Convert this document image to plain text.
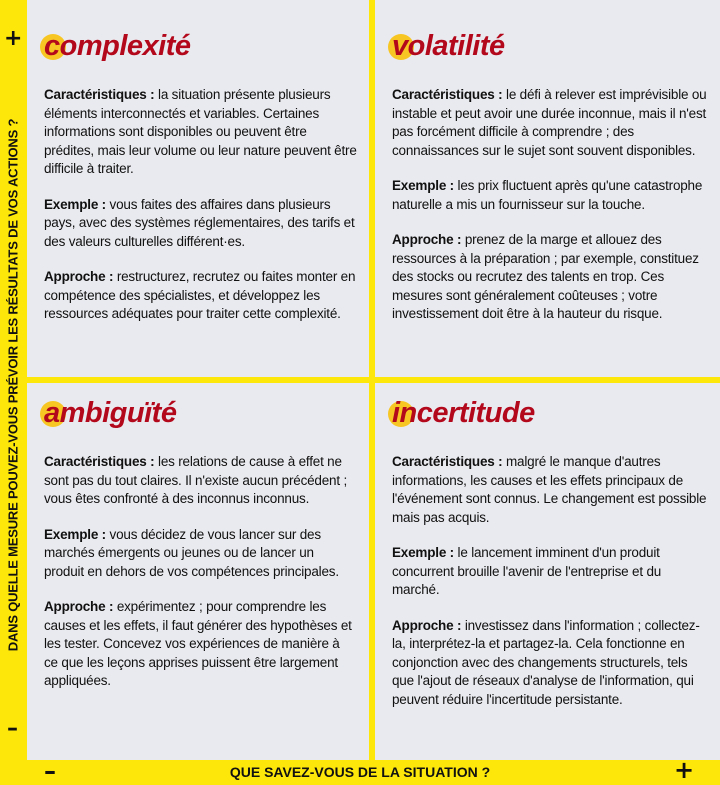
+
DANS QUELLE MESURE POUVEZ-VOUS PRÉVOIR LES RÉSULTATS DE VOS ACTIONS ?
–
complexité

Caractéristiques : la situation présente plusieurs éléments interconnectés et variables. Certaines informations sont disponibles ou peuvent être prédites, mais leur volume ou leur nature peuvent être difficile à traiter.

Exemple : vous faites des affaires dans plusieurs pays, avec des systèmes réglementaires, des tarifs et des valeurs culturelles différent·es.

Approche : restructurez, recrutez ou faites monter en compétence des spécialistes, et développez les ressources adéquates pour traiter cette complexité.

volatilité

Caractéristiques : le défi à relever est imprévisible ou instable et peut avoir une durée inconnue, mais il n'est pas forcément difficile à comprendre ; des connaissances sur le sujet sont souvent disponibles.

Exemple : les prix fluctuent après qu'une catastrophe naturelle a mis un fournisseur sur la touche.

Approche : prenez de la marge et allouez des ressources à la préparation ; par exemple, constituez des stocks ou recrutez des talents en trop. Ces mesures sont généralement coûteuses ; votre investissement doit être à la hauteur du risque.

ambiguïté

Caractéristiques : les relations de cause à effet ne sont pas du tout claires. Il n'existe aucun précédent ; vous êtes confronté à des inconnus inconnus.

Exemple : vous décidez de vous lancer sur des marchés émergents ou jeunes ou de lancer un produit en dehors de vos compétences principales.

Approche : expérimentez ; pour comprendre les causes et les effets, il faut générer des hypothèses et les tester. Concevez vos expériences de manière à ce que les leçons apprises puissent être largement appliquées.

incertitude

Caractéristiques : malgré le manque d'autres informations, les causes et les effets principaux de l'événement sont connus. Le changement est possible mais pas acquis.

Exemple : le lancement imminent d'un produit concurrent brouille l'avenir de l'entreprise et du marché.

Approche : investissez dans l'information ; collectez-la, interprétez-la et partagez-la. Cela fonctionne en conjonction avec des changements structurels, tels que l'ajout de réseaux d'analyse de l'information, qui peuvent réduire l'incertitude persistante.

–	QUE SAVEZ-VOUS DE LA SITUATION ?	+
